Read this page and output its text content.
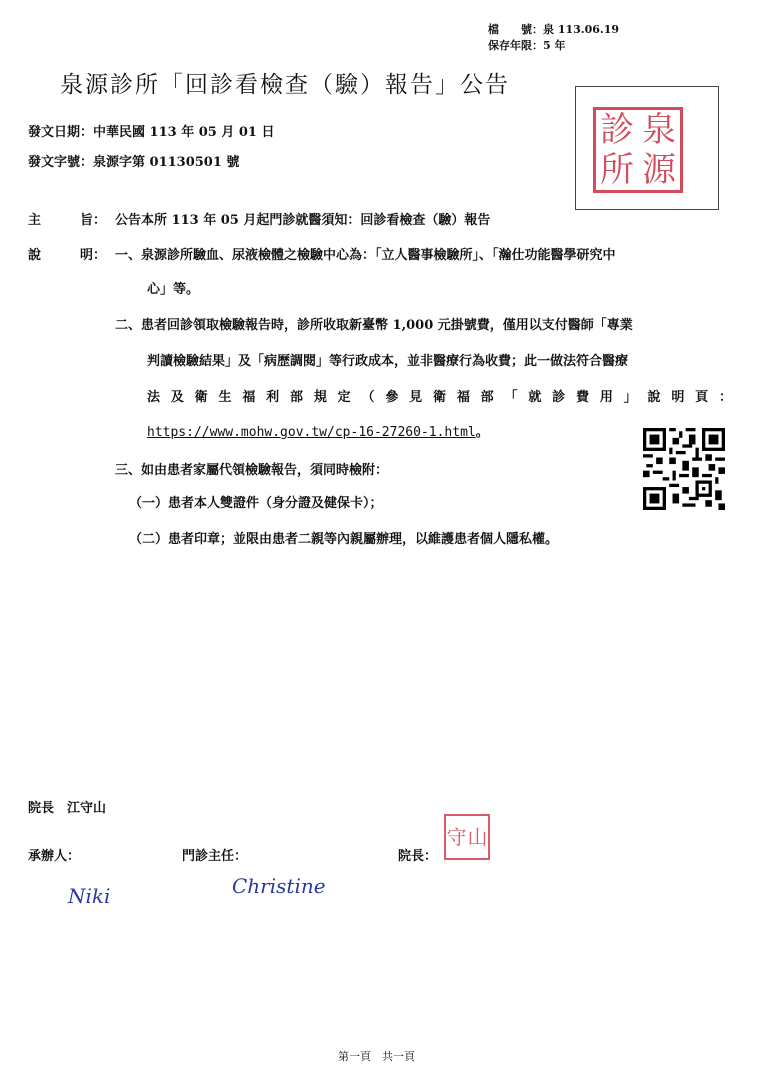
檔　　號：泉 113.06.19
保存年限：5 年
泉源診所「回診看檢查（驗）報告」公告
發文日期：中華民國 113 年 05 月 01 日
發文字號：泉源字第 01130501 號
診 泉
所 源
主　　　旨： 公告本所 113 年 05 月起門診就醫須知：回診看檢查（驗）報告
說　　　明： 一、泉源診所驗血、尿液檢體之檢驗中心為：「立人醫事檢驗所」、「瀚仕功能醫學研究中
心」等。
二、患者回診領取檢驗報告時，診所收取新臺幣 1,000 元掛號費，僅用以支付醫師「專業
判讀檢驗結果」及「病歷調閱」等行政成本，並非醫療行為收費；此一做法符合醫療
法及衛生福利部規定（參見衛福部「就診費用」說明頁：
https://www.mohw.gov.tw/cp-16-27260-1.html。
三、如由患者家屬代領檢驗報告，須同時檢附：
（一）患者本人雙證件（身分證及健保卡）；
（二）患者印章；並限由患者二親等內親屬辦理，以維護患者個人隱私權。
院長　江守山
承辦人：	門診主任：	院長：
守 山
Niki	Christine
第一頁　共一頁
